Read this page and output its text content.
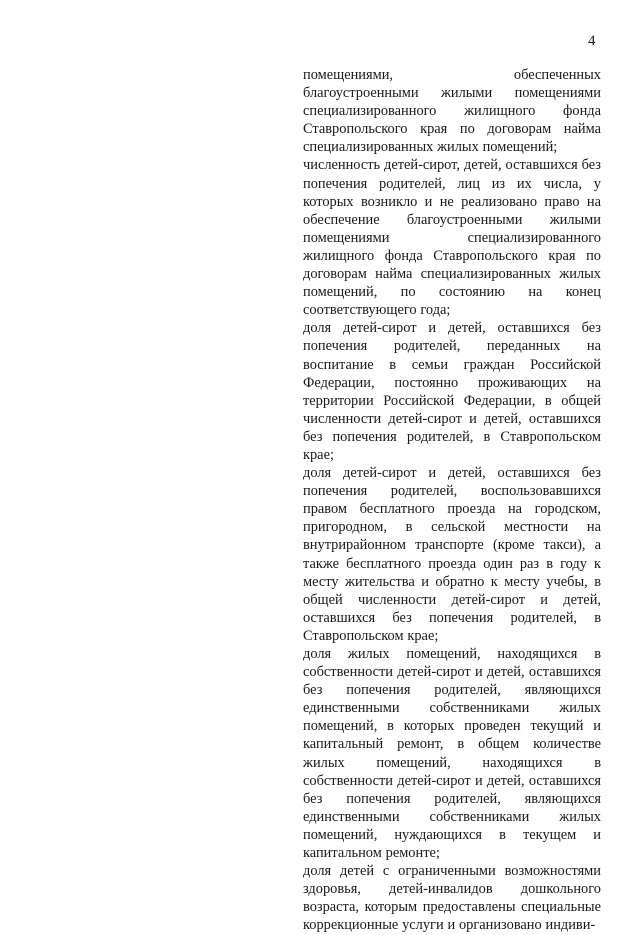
4

помещениями, обеспеченных благоустроенными жилыми помещениями специализированного жилищного фонда Ставропольского края по договорам найма специализированных жилых помещений;

численность детей-сирот, детей, оставшихся без попечения родителей, лиц из их числа, у которых возникло и не реализовано право на обеспечение благоустроенными жилыми помещениями специализированного жилищного фонда Ставропольского края по договорам найма специализированных жилых помещений, по состоянию на конец соответствующего года;

доля детей-сирот и детей, оставшихся без попечения родителей, переданных на воспитание в семьи граждан Российской Федерации, постоянно проживающих на территории Российской Федерации, в общей численности детей-сирот и детей, оставшихся без попечения родителей, в Ставропольском крае;

доля детей-сирот и детей, оставшихся без попечения родителей, воспользовавшихся правом бесплатного проезда на городском, пригородном, в сельской местности на внутрирайонном транспорте (кроме такси), а также бесплатного проезда один раз в году к месту жительства и обратно к месту учебы, в общей численности детей-сирот и детей, оставшихся без попечения родителей, в Ставропольском крае;

доля жилых помещений, находящихся в собственности детей-сирот и детей, оставшихся без попечения родителей, являющихся единственными собственниками жилых помещений, в которых проведен текущий и капитальный ремонт, в общем количестве жилых помещений, находящихся в собственности детей-сирот и детей, оставшихся без попечения родителей, являющихся единственными собственниками жилых помещений, нуждающихся в текущем и капитальном ремонте;

доля детей с ограниченными возможностями здоровья, детей-инвалидов дошкольного возраста, которым предоставлены специальные коррекционные услуги и организовано индиви-
